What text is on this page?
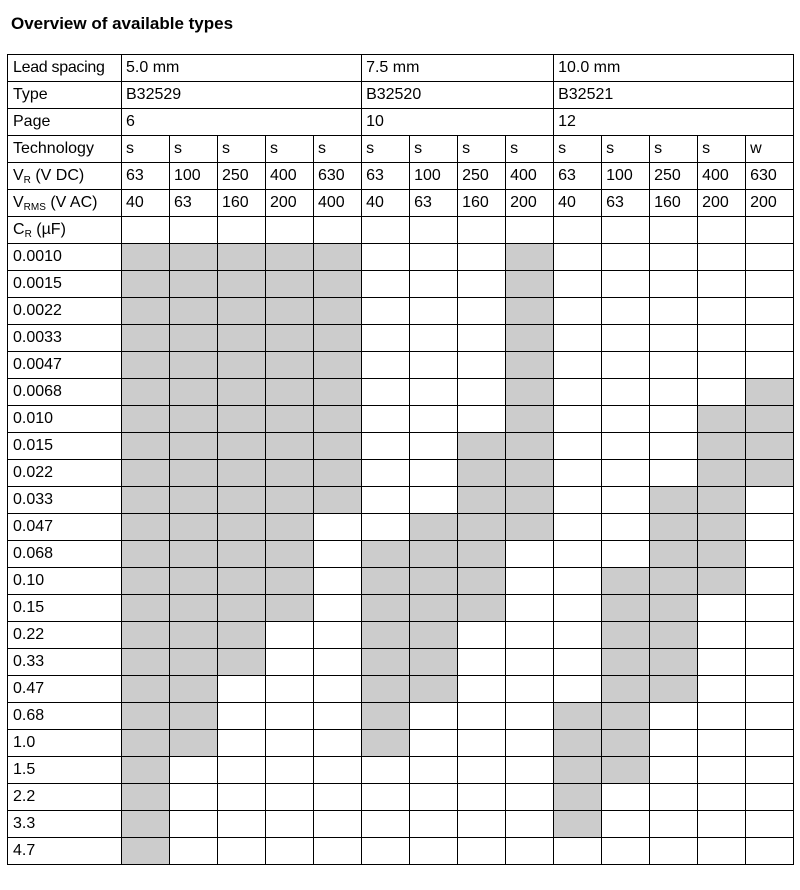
Overview of available types
Lead spacing	5.0 mm					7.5 mm				10.0 mm				
Type	B32529					B32520				B32521				
Page	6					10				12				
Technology	s	s	s	s	s	s	s	s	s	s	s	s	s	w
$V_R$ (V DC)	63	100	250	400	630	63	100	250	400	63	100	250	400	630
$V_{RMS}$ (V AC)	40	63	160	200	400	40	63	160	200	40	63	160	200	200
$C_R$ (µF)														
0.0010														
0.0015														
0.0022														
0.0033														
0.0047														
0.0068														
0.010														
0.015														
0.022														
0.033														
0.047														
0.068														
0.10														
0.15														
0.22														
0.33														
0.47														
0.68														
1.0														
1.5														
2.2														
3.3														
4.7														
